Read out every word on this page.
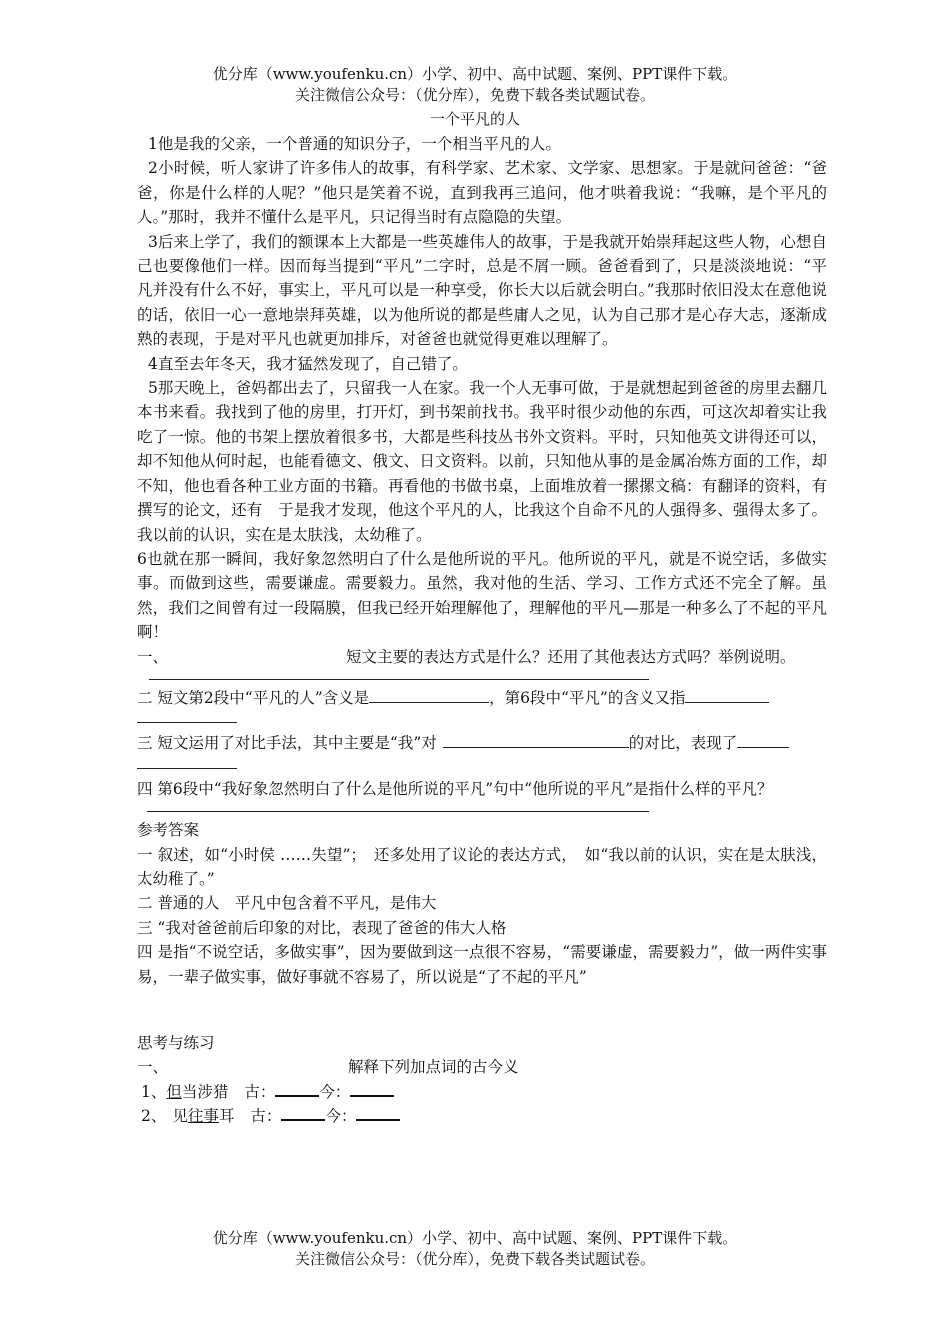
优分库（www.youfenku.cn）小学、初中、高中试题、案例、PPT课件下载。
关注微信公众号：（优分库），免费下载各类试题试卷。
一个平凡的人

1他是我的父亲，一个普通的知识分子，一个相当平凡的人。

2小时候，听人家讲了许多伟人的故事，有科学家、艺术家、文学家、思想家。于是就问爸爸：“爸爸，你是什么样的人呢？”他只是笑着不说，直到我再三追问，他才哄着我说：“我嘛，是个平凡的人。”那时，我并不懂什么是平凡，只记得当时有点隐隐的失望。

3后来上学了，我们的额课本上大都是一些英雄伟人的故事，于是我就开始崇拜起这些人物，心想自己也要像他们一样。因而每当提到“平凡”二字时，总是不屑一顾。爸爸看到了，只是淡淡地说：“平凡并没有什么不好，事实上，平凡可以是一种享受，你长大以后就会明白。”我那时依旧没太在意他说的话，依旧一心一意地崇拜英雄，以为他所说的都是些庸人之见，认为自己那才是心存大志，逐渐成熟的表现，于是对平凡也就更加排斥，对爸爸也就觉得更难以理解了。

4直至去年冬天，我才猛然发现了，自己错了。

5那天晚上，爸妈都出去了，只留我一人在家。我一个人无事可做，于是就想起到爸爸的房里去翻几本书来看。我找到了他的房里，打开灯，到书架前找书。我平时很少动他的东西，可这次却着实让我吃了一惊。他的书架上摆放着很多书，大都是些科技丛书外文资料。平时，只知他英文讲得还可以，却不知他从何时起，也能看德文、俄文、日文资料。以前，只知他从事的是金属冶炼方面的工作，却不知，他也看各种工业方面的书籍。再看他的书做书桌，上面堆放着一摞摞文稿：有翻译的资料，有撰写的论文，还有　于是我才发现，他这个平凡的人，比我这个自命不凡的人强得多、强得太多了。我以前的认识，实在是太肤浅，太幼稚了。

6也就在那一瞬间，我好象忽然明白了什么是他所说的平凡。他所说的平凡，就是不说空话，多做实事。而做到这些，需要谦虚。需要毅力。虽然，我对他的生活、学习、工作方式还不完全了解。虽然，我们之间曾有过一段隔膜，但我已经开始理解他了，理解他的平凡—那是一种多么了不起的平凡啊！

一、	短文主要的表达方式是什么？还用了其他表达方式吗？举例说明。

二 短文第2段中“平凡的人”含义是	，第6段中“平凡”的含义又指

三 短文运用了对比手法，其中主要是“我”对	的对比，表现了

四 第6段中“我好象忽然明白了什么是他所说的平凡”句中“他所说的平凡”是指什么样的平凡？

参考答案

一 叙述，如“小时侯 ……失望”；　还多处用了议论的表达方式，　如“我以前的认识，实在是太肤浅，太幼稚了。”

二 普通的人　平凡中包含着不平凡，是伟大

三 “我对爸爸前后印象的对比，表现了爸爸的伟大人格

四 是指“不说空话，多做实事”，因为要做到这一点很不容易，“需要谦虚，需要毅力”，做一两件实事易，一辈子做实事，做好事就不容易了，所以说是“了不起的平凡”

思考与练习

一、	解释下列加点词的古今义

1、但当涉猎 古：	今：

2、 见往事耳 古：	今：

优分库（www.youfenku.cn）小学、初中、高中试题、案例、PPT课件下载。
关注微信公众号：（优分库），免费下载各类试题试卷。
